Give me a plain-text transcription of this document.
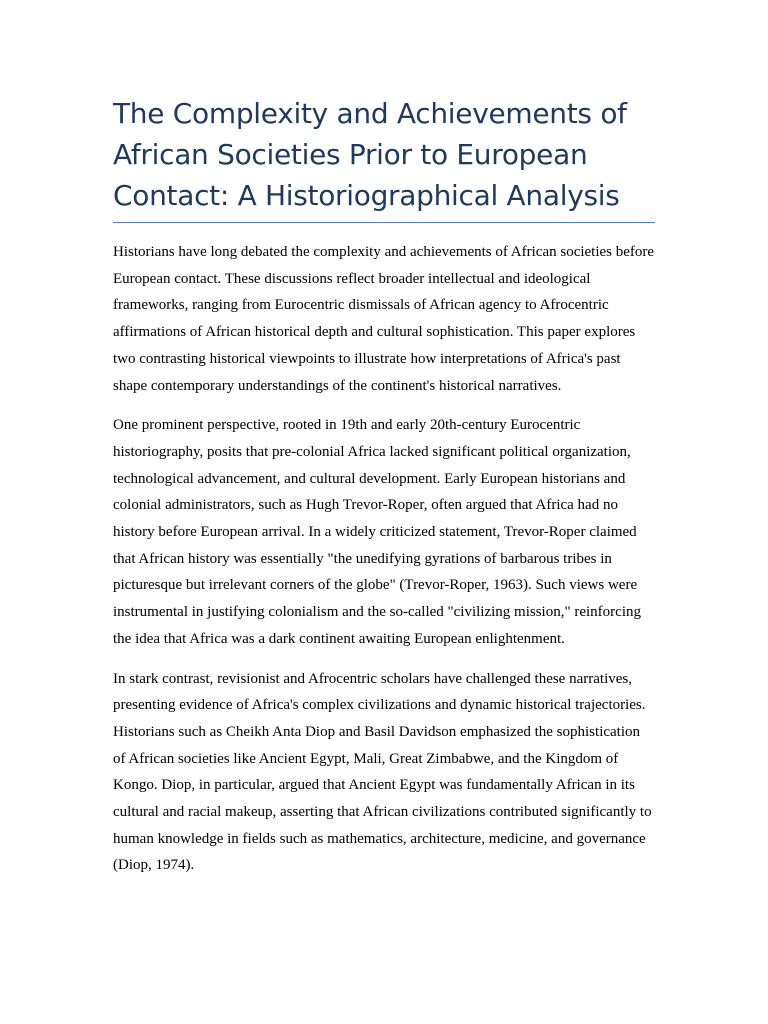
The Complexity and Achievements of African Societies Prior to European Contact: A Historiographical Analysis

Historians have long debated the complexity and achievements of African societies before European contact. These discussions reflect broader intellectual and ideological frameworks, ranging from Eurocentric dismissals of African agency to Afrocentric affirmations of African historical depth and cultural sophistication. This paper explores two contrasting historical viewpoints to illustrate how interpretations of Africa's past shape contemporary understandings of the continent's historical narratives.

One prominent perspective, rooted in 19th and early 20th-century Eurocentric historiography, posits that pre-colonial Africa lacked significant political organization, technological advancement, and cultural development. Early European historians and colonial administrators, such as Hugh Trevor-Roper, often argued that Africa had no history before European arrival. In a widely criticized statement, Trevor-Roper claimed that African history was essentially "the unedifying gyrations of barbarous tribes in picturesque but irrelevant corners of the globe" (Trevor-Roper, 1963). Such views were instrumental in justifying colonialism and the so-called "civilizing mission," reinforcing the idea that Africa was a dark continent awaiting European enlightenment.

In stark contrast, revisionist and Afrocentric scholars have challenged these narratives, presenting evidence of Africa's complex civilizations and dynamic historical trajectories. Historians such as Cheikh Anta Diop and Basil Davidson emphasized the sophistication of African societies like Ancient Egypt, Mali, Great Zimbabwe, and the Kingdom of Kongo. Diop, in particular, argued that Ancient Egypt was fundamentally African in its cultural and racial makeup, asserting that African civilizations contributed significantly to human knowledge in fields such as mathematics, architecture, medicine, and governance (Diop, 1974).
